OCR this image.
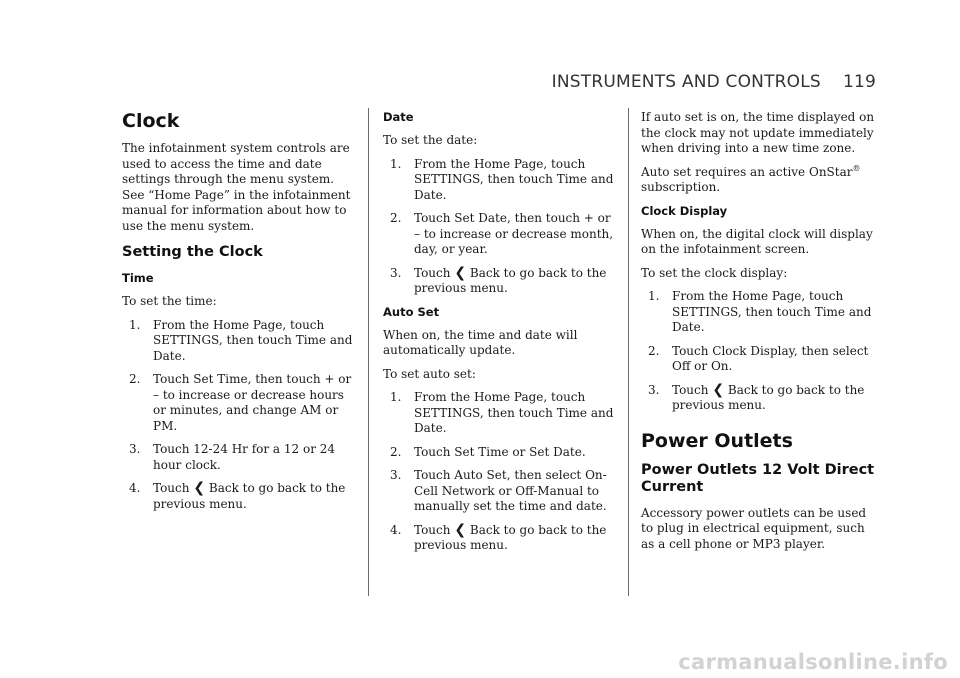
INSTRUMENTS AND CONTROLS 119
Clock

The infotainment system controls are used to access the time and date settings through the menu system. See “Home Page” in the infotainment manual for information about how to use the menu system.

Setting the Clock
Time

To set the time:

1. From the Home Page, touch SETTINGS, then touch Time and Date.
2. Touch Set Time, then touch + or – to increase or decrease hours or minutes, and change AM or PM.
3. Touch 12-24 Hr for a 12 or 24 hour clock.
4. Touch ❮ Back to go back to the previous menu.
Date

To set the date:

1. From the Home Page, touch SETTINGS, then touch Time and Date.
2. Touch Set Date, then touch + or – to increase or decrease month, day, or year.
3. Touch ❮ Back to go back to the previous menu.
Auto Set

When on, the time and date will automatically update.

To set auto set:

1. From the Home Page, touch SETTINGS, then touch Time and Date.
2. Touch Set Time or Set Date.
3. Touch Auto Set, then select On-Cell Network or Off-Manual to manually set the time and date.
4. Touch ❮ Back to go back to the previous menu.

If auto set is on, the time displayed on the clock may not update immediately when driving into a new time zone.

Auto set requires an active OnStar® subscription.

Clock Display

When on, the digital clock will display on the infotainment screen.

To set the clock display:

1. From the Home Page, touch SETTINGS, then touch Time and Date.
2. Touch Clock Display, then select Off or On.
3. Touch ❮ Back to go back to the previous menu.
Power Outlets
Power Outlets 12 Volt Direct Current

Accessory power outlets can be used to plug in electrical equipment, such as a cell phone or MP3 player.

carmanualsonline.info
